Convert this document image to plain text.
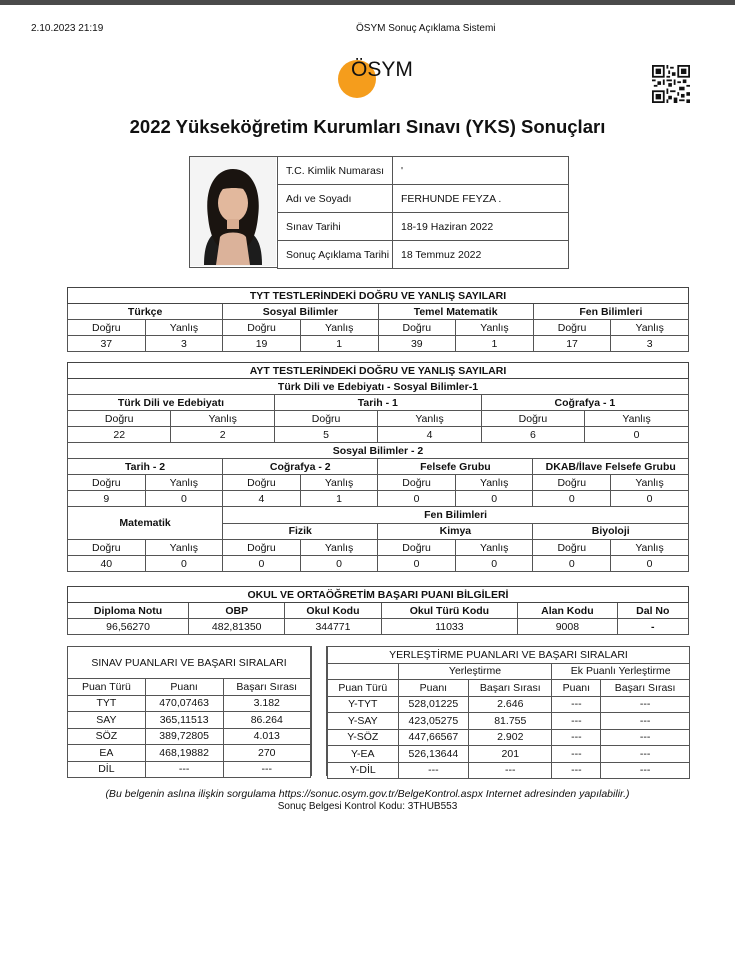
2.10.2023 21:19	ÖSYM Sonuç Açıklama Sistemi
ÖSYM
2022 Yükseköğretim Kurumları Sınavı (YKS) Sonuçları
T.C. Kimlik Numarası	'
Adı ve Soyadı	FERHUNDE FEYZA .
Sınav Tarihi	18-19 Haziran 2022
Sonuç Açıklama Tarihi	18 Temmuz 2022
TYT TESTLERİNDEKİ DOĞRU VE YANLIŞ SAYILARI							
Türkçe		Sosyal Bilimler		Temel Matematik		Fen Bilimleri	
Doğru	Yanlış	Doğru	Yanlış	Doğru	Yanlış	Doğru	Yanlış
37	3	19	1	39	1	17	3
AYT TESTLERİNDEKİ DOĞRU VE YANLIŞ SAYILARI											
Türk Dili ve Edebiyatı - Sosyal Bilimler-1											
Türk Dili ve Edebiyatı				Tarih - 1				Coğrafya - 1			
Doğru		Yanlış		Doğru		Yanlış		Doğru		Yanlış	
22		2		5		4		6		0	
Sosyal Bilimler - 2											
Tarih - 2			Coğrafya - 2			Felsefe Grubu			DKAB/İlave Felsefe Grubu		
Doğru	Yanlış		Doğru		Yanlış	Doğru	Yanlış		Doğru		Yanlış
9	0		4		1	0	0		0		0
Matematik			Fen Bilimleri								
			Fizik			Kimya			Biyoloji		
Doğru	Yanlış		Doğru		Yanlış	Doğru	Yanlış		Doğru		Yanlış
40	0		0		0	0	0		0		0
OKUL VE ORTAÖĞRETİM BAŞARI PUANI BİLGİLERİ					
Diploma Notu	OBP	Okul Kodu	Okul Türü Kodu	Alan Kodu	Dal No
96,56270	482,81350	344771	11033	9008	-
SINAV PUANLARI VE BAŞARI SIRALARI		

Puan Türü	Puanı	Başarı Sırası
TYT	470,07463	3.182
SAY	365,11513	86.264
SÖZ	389,72805	4.013
EA	468,19882	270
DİL	---	---
YERLEŞTİRME PUANLARI VE BAŞARI SIRALARI				
	Yerleştirme		Ek Puanlı Yerleştirme	
Puan Türü	Puanı	Başarı Sırası	Puanı	Başarı Sırası
Y-TYT	528,01225	2.646	---	---
Y-SAY	423,05275	81.755	---	---
Y-SÖZ	447,66567	2.902	---	---
Y-EA	526,13644	201	---	---
Y-DİL	---	---	---	---
(Bu belgenin aslına ilişkin sorgulama https://sonuc.osym.gov.tr/BelgeKontrol.aspx Internet adresinden yapılabilir.)
Sonuç Belgesi Kontrol Kodu: 3THUB553
